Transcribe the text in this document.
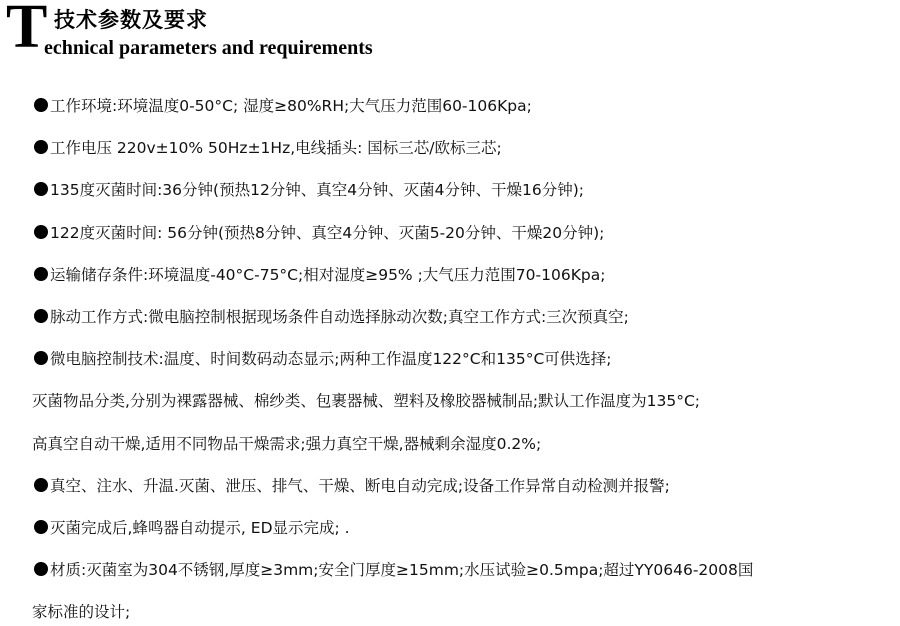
T 技术参数及要求
echnical parameters and requirements
工作环境:环境温度0-50°C; 湿度≥80%RH;大气压力范围60-106Kpa;
工作电压 220v±10% 50Hz±1Hz,电线插头: 国标三芯/欧标三芯;
135度灭菌时间:36分钟(预热12分钟、真空4分钟、灭菌4分钟、干燥16分钟);
122度灭菌时间: 56分钟(预热8分钟、真空4分钟、灭菌5-20分钟、干燥20分钟);
运输储存条件:环境温度-40°C-75°C;相对湿度≥95% ;大气压力范围70-106Kpa;
脉动工作方式:微电脑控制根据现场条件自动选择脉动次数;真空工作方式:三次预真空;
微电脑控制技术:温度、时间数码动态显示;两种工作温度122°C和135°C可供选择;
灭菌物品分类,分别为裸露器械、棉纱类、包裹器械、塑料及橡胶器械制品;默认工作温度为135°C;
高真空自动干燥,适用不同物品干燥需求;强力真空干燥,器械剩余湿度0.2%;
真空、注水、升温.灭菌、泄压、排气、干燥、断电自动完成;设备工作异常自动检测并报警;
灭菌完成后,蜂鸣器自动提示, ED显示完成; .
材质:灭菌室为304不锈钢,厚度≥3mm;安全门厚度≥15mm;水压试验≥0.5mpa;超过YY0646-2008国
家标准的设计;
